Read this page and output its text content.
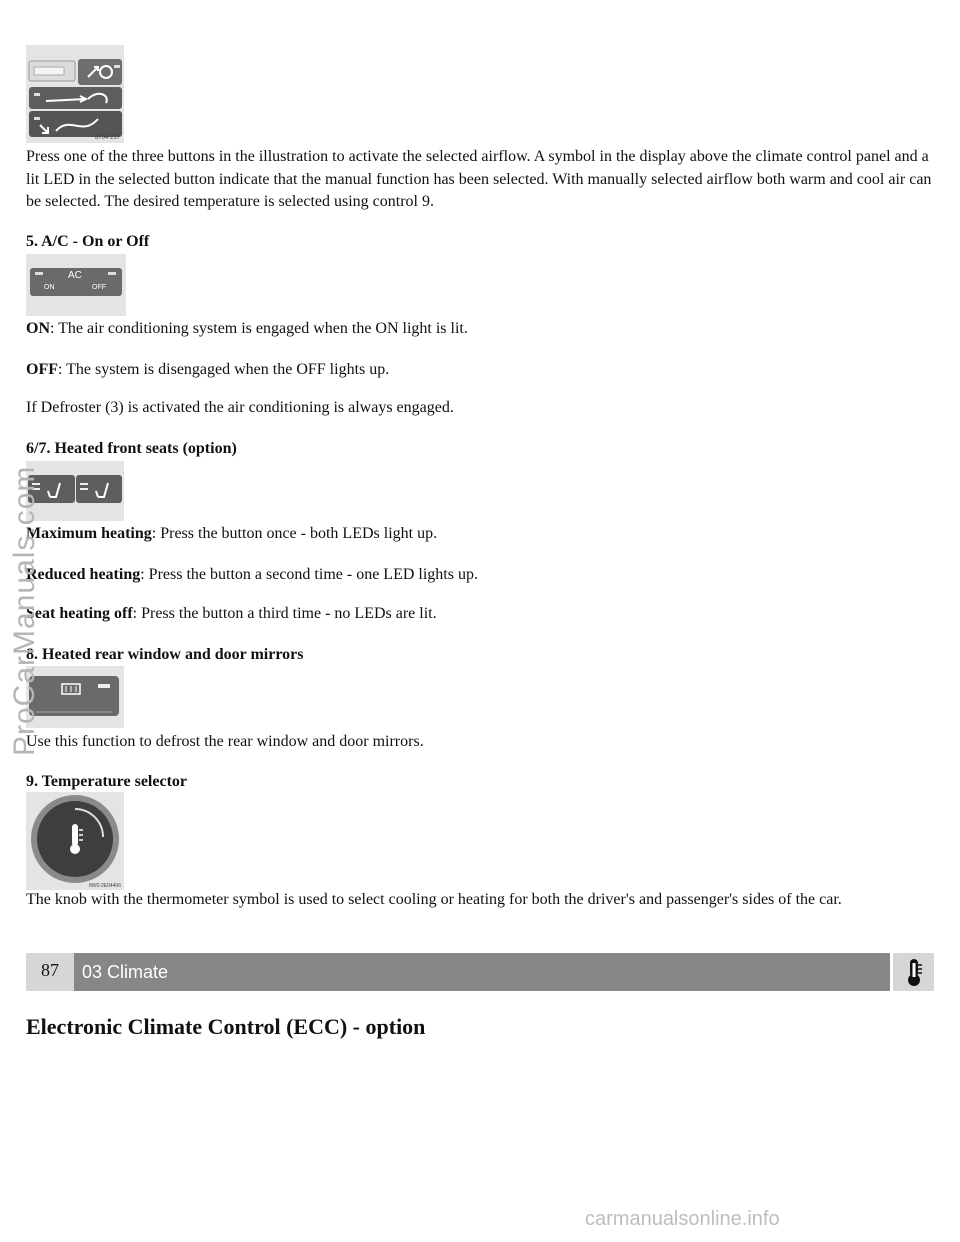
8704 217
Press one of the three buttons in the illustration to activate the selected airflow. A symbol in the display above the climate control panel and a lit LED in the selected button indicate that the manual function has been selected. With manually selected airflow both warm and cool air can be selected. The desired temperature is selected using control 9.
5. A/C - On or Off
AC
ON	OFF
ON: The air conditioning system is engaged when the ON light is lit.
OFF: The system is disengaged when the OFF lights up.
If Defroster (3) is activated the air conditioning is always engaged.
6/7. Heated front seats (option)
Maximum heating: Press the button once - both LEDs light up.
Reduced heating: Press the button a second time - one LED lights up.
Seat heating off: Press the button a third time - no LEDs are lit.
8. Heated rear window and door mirrors
Use this function to defrost the rear window and door mirrors.
9. Temperature selector
8W0-2E04406
The knob with the thermometer symbol is used to select cooling or heating for both the driver's and passenger's sides of the car.
87	03 Climate
Electronic Climate Control (ECC) - option
ProCarManuals.com
carmanualsonline.info
